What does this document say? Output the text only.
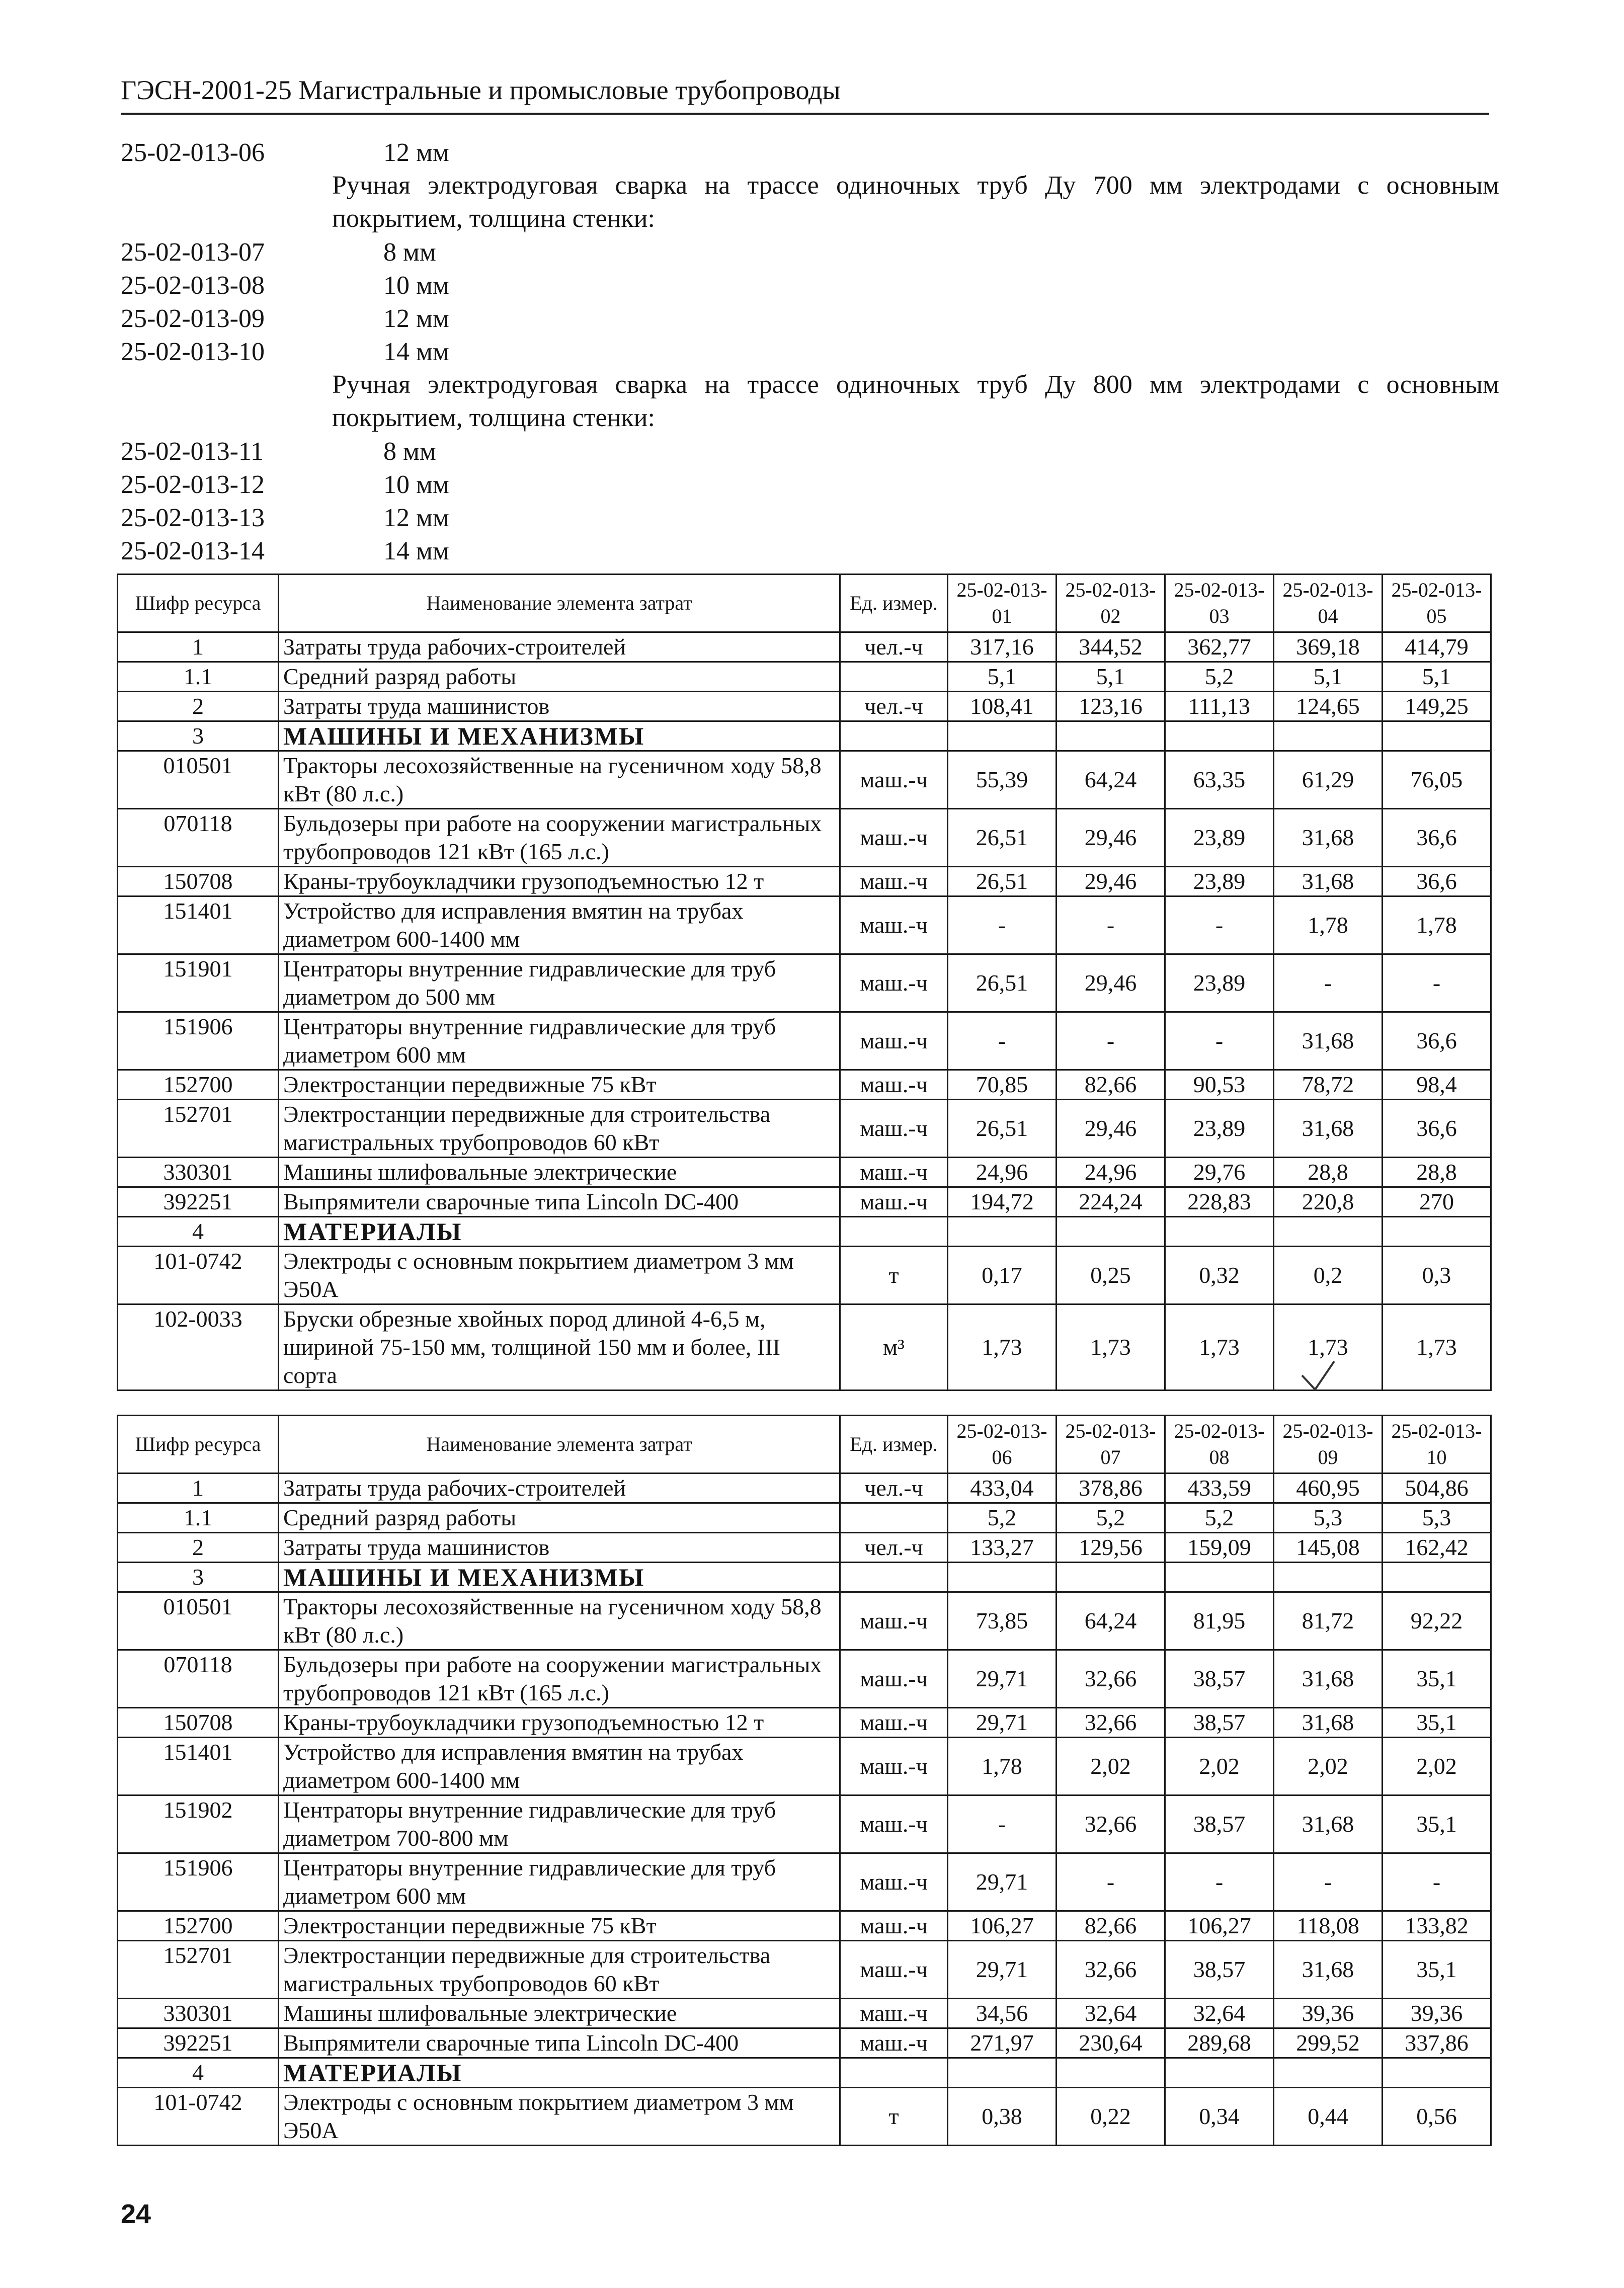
ГЭСН-2001-25 Магистральные и промысловые трубопроводы
25-02-013-06	12 мм
Ручная электродуговая сварка на трассе одиночных труб Ду 700 мм электродами с основным покрытием, толщина стенки:
25-02-013-07	8 мм
25-02-013-08	10 мм
25-02-013-09	12 мм
25-02-013-10	14 мм
Ручная электродуговая сварка на трассе одиночных труб Ду 800 мм электродами с основным покрытием, толщина стенки:
25-02-013-11	8 мм
25-02-013-12	10 мм
25-02-013-13	12 мм
25-02-013-14	14 мм
Шифр ресурса	Наименование элемента затрат	Ед. измер.	25-02-013-01	25-02-013-02	25-02-013-03	25-02-013-04	25-02-013-05
1	Затраты труда рабочих-строителей	чел.-ч	317,16	344,52	362,77	369,18	414,79
1.1	Средний разряд работы		5,1	5,1	5,2	5,1	5,1
2	Затраты труда машинистов	чел.-ч	108,41	123,16	111,13	124,65	149,25
3	МАШИНЫ И МЕХАНИЗМЫ						
010501	Тракторы лесохозяйственные на гусеничном ходу 58,8 кВт (80 л.с.)	маш.-ч	55,39	64,24	63,35	61,29	76,05
070118	Бульдозеры при работе на сооружении магистральных трубопроводов 121 кВт (165 л.с.)	маш.-ч	26,51	29,46	23,89	31,68	36,6
150708	Краны-трубоукладчики грузоподъемностью 12 т	маш.-ч	26,51	29,46	23,89	31,68	36,6
151401	Устройство для исправления вмятин на трубах диаметром 600-1400 мм	маш.-ч	-	-	-	1,78	1,78
151901	Центраторы внутренние гидравлические для труб диаметром до 500 мм	маш.-ч	26,51	29,46	23,89	-	-
151906	Центраторы внутренние гидравлические для труб диаметром 600 мм	маш.-ч	-	-	-	31,68	36,6
152700	Электростанции передвижные 75 кВт	маш.-ч	70,85	82,66	90,53	78,72	98,4
152701	Электростанции передвижные для строительства магистральных трубопроводов 60 кВт	маш.-ч	26,51	29,46	23,89	31,68	36,6
330301	Машины шлифовальные электрические	маш.-ч	24,96	24,96	29,76	28,8	28,8
392251	Выпрямители сварочные типа Lincoln DC-400	маш.-ч	194,72	224,24	228,83	220,8	270
4	МАТЕРИАЛЫ						
101-0742	Электроды с основным покрытием диаметром 3 мм Э50А	т	0,17	0,25	0,32	0,2	0,3
102-0033	Бруски обрезные хвойных пород длиной 4-6,5 м, шириной 75-150 мм, толщиной 150 мм и более, III сорта	м³	1,73	1,73	1,73	1,73	1,73
Шифр ресурса	Наименование элемента затрат	Ед. измер.	25-02-013-06	25-02-013-07	25-02-013-08	25-02-013-09	25-02-013-10
1	Затраты труда рабочих-строителей	чел.-ч	433,04	378,86	433,59	460,95	504,86
1.1	Средний разряд работы		5,2	5,2	5,2	5,3	5,3
2	Затраты труда машинистов	чел.-ч	133,27	129,56	159,09	145,08	162,42
3	МАШИНЫ И МЕХАНИЗМЫ						
010501	Тракторы лесохозяйственные на гусеничном ходу 58,8 кВт (80 л.с.)	маш.-ч	73,85	64,24	81,95	81,72	92,22
070118	Бульдозеры при работе на сооружении магистральных трубопроводов 121 кВт (165 л.с.)	маш.-ч	29,71	32,66	38,57	31,68	35,1
150708	Краны-трубоукладчики грузоподъемностью 12 т	маш.-ч	29,71	32,66	38,57	31,68	35,1
151401	Устройство для исправления вмятин на трубах диаметром 600-1400 мм	маш.-ч	1,78	2,02	2,02	2,02	2,02
151902	Центраторы внутренние гидравлические для труб диаметром 700-800 мм	маш.-ч	-	32,66	38,57	31,68	35,1
151906	Центраторы внутренние гидравлические для труб диаметром 600 мм	маш.-ч	29,71	-	-	-	-
152700	Электростанции передвижные 75 кВт	маш.-ч	106,27	82,66	106,27	118,08	133,82
152701	Электростанции передвижные для строительства магистральных трубопроводов 60 кВт	маш.-ч	29,71	32,66	38,57	31,68	35,1
330301	Машины шлифовальные электрические	маш.-ч	34,56	32,64	32,64	39,36	39,36
392251	Выпрямители сварочные типа Lincoln DC-400	маш.-ч	271,97	230,64	289,68	299,52	337,86
4	МАТЕРИАЛЫ						
101-0742	Электроды с основным покрытием диаметром 3 мм Э50А	т	0,38	0,22	0,34	0,44	0,56
24
